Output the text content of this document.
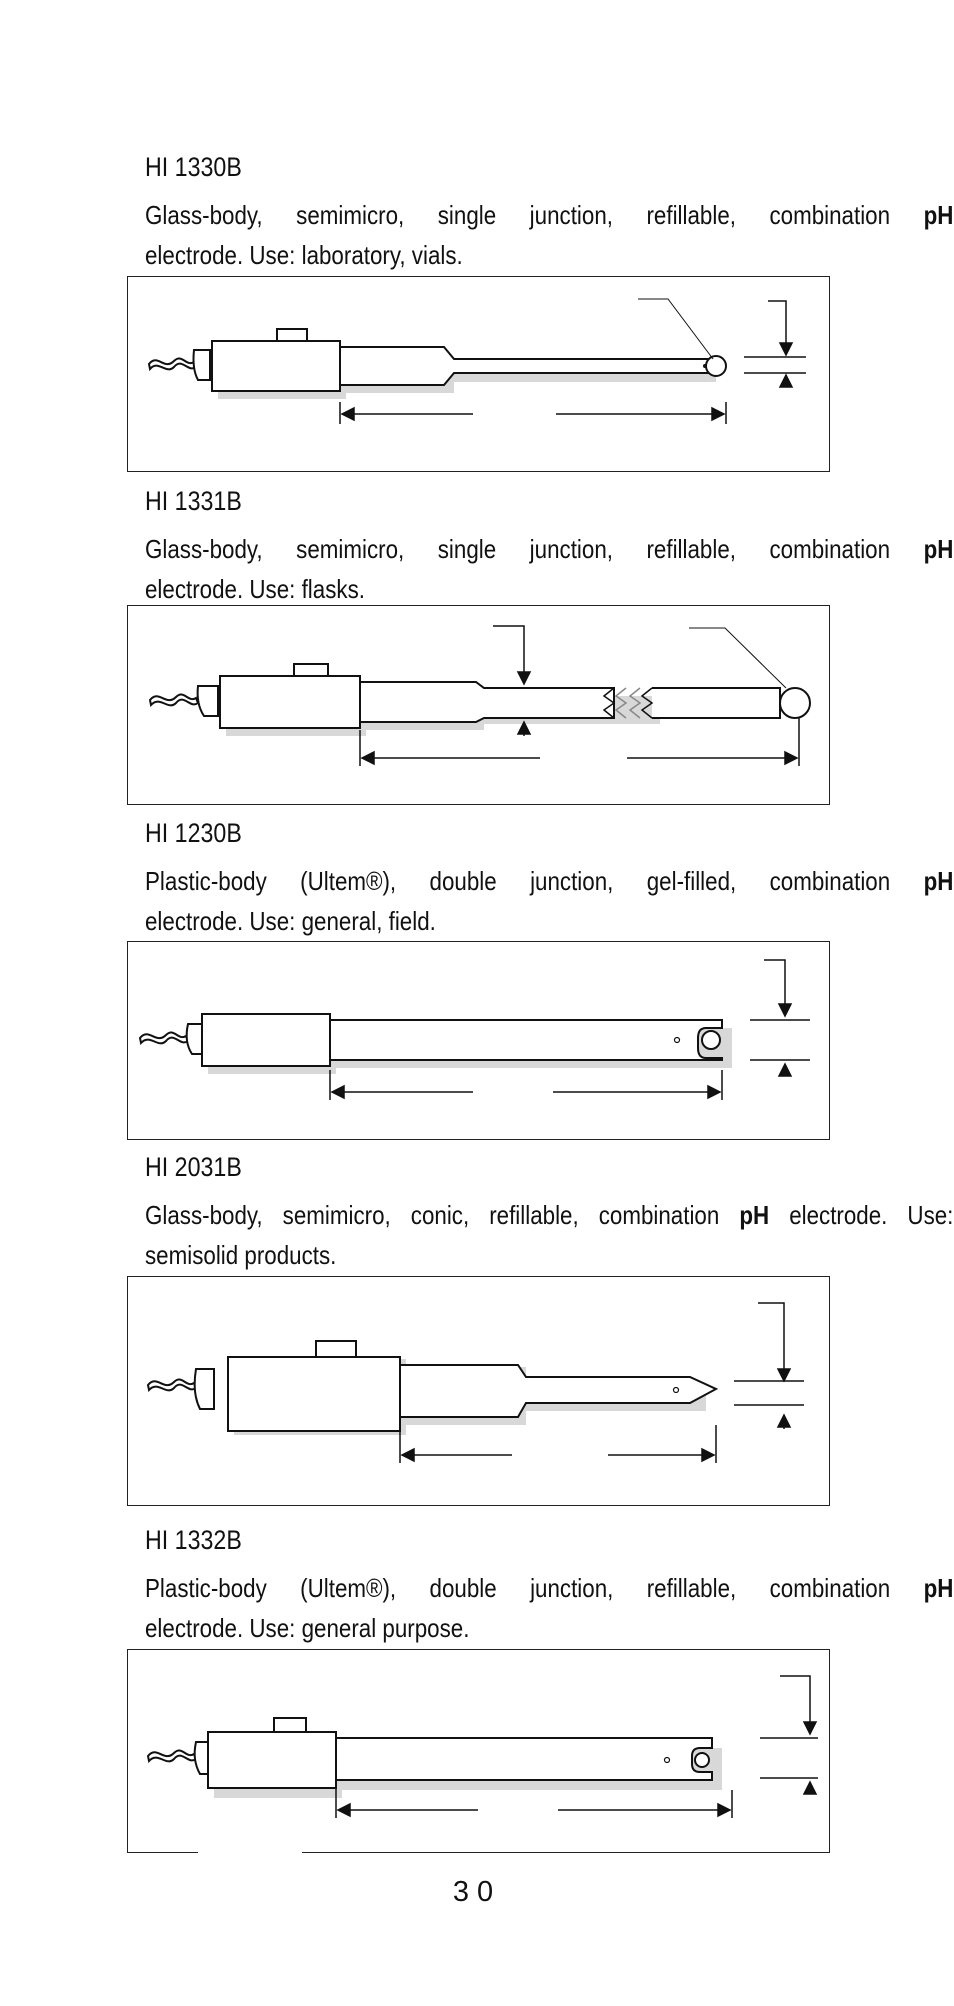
HI 1330B
Glass-body, semimicro, single junction, refillable, combination pH
electrode. Use: laboratory, vials.
HI 1331B
Glass-body, semimicro, single junction, refillable, combination pH
electrode. Use: flasks.
HI 1230B
Plastic-body (Ultem®), double junction, gel-filled, combination pH
electrode. Use: general, field.
HI 2031B
Glass-body, semimicro, conic, refillable, combination pH electrode. Use:
semisolid products.
HI 1332B
Plastic-body (Ultem®), double junction, refillable, combination pH
electrode. Use: general purpose.
30
